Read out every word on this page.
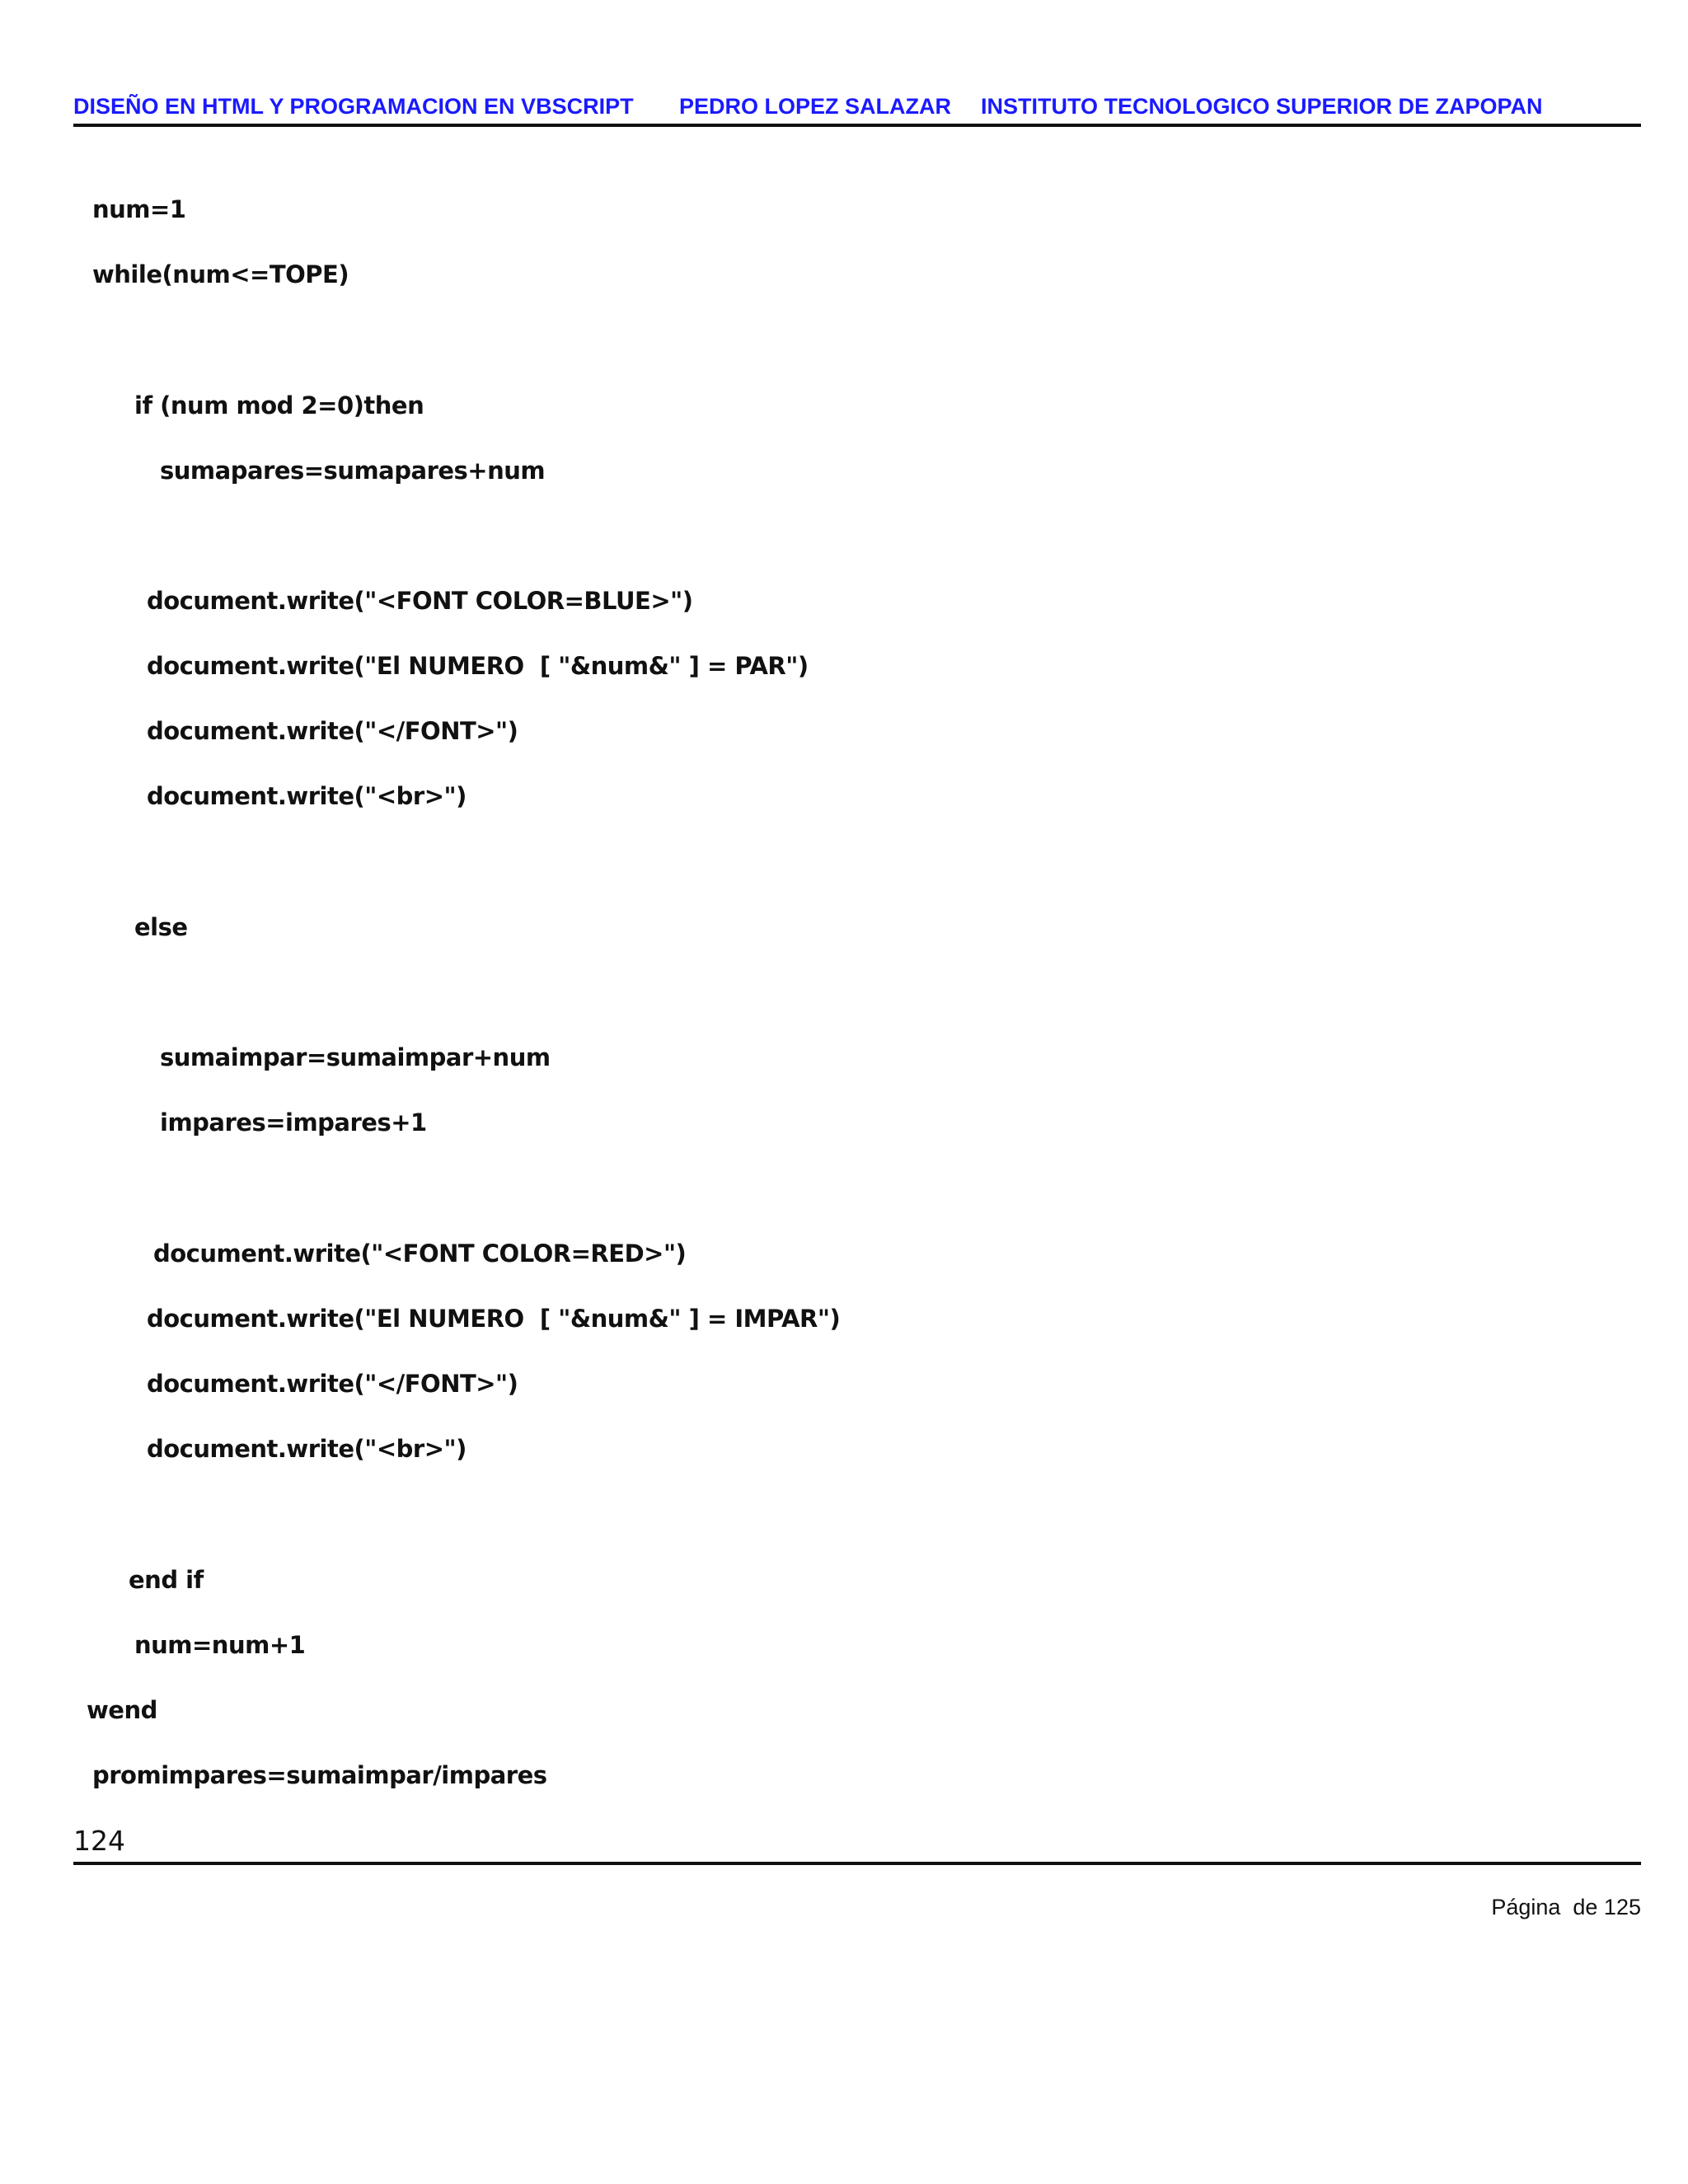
DISEÑO EN HTML Y PROGRAMACION EN VBSCRIPT PEDRO LOPEZ SALAZAR INSTITUTO TECNOLOGICO SUPERIOR DE ZAPOPAN
num=1
while(num<=TOPE)
if (num mod 2=0)then
sumapares=sumapares+num
document.write("<FONT COLOR=BLUE>")
document.write("El NUMERO  [ "&num&" ] = PAR")
document.write("</FONT>")
document.write("<br>")
else
sumaimpar=sumaimpar+num
impares=impares+1
document.write("<FONT COLOR=RED>")
document.write("El NUMERO  [ "&num&" ] = IMPAR")
document.write("</FONT>")
document.write("<br>")
end if
num=num+1
wend
promimpares=sumaimpar/impares
124
Página  de 125
